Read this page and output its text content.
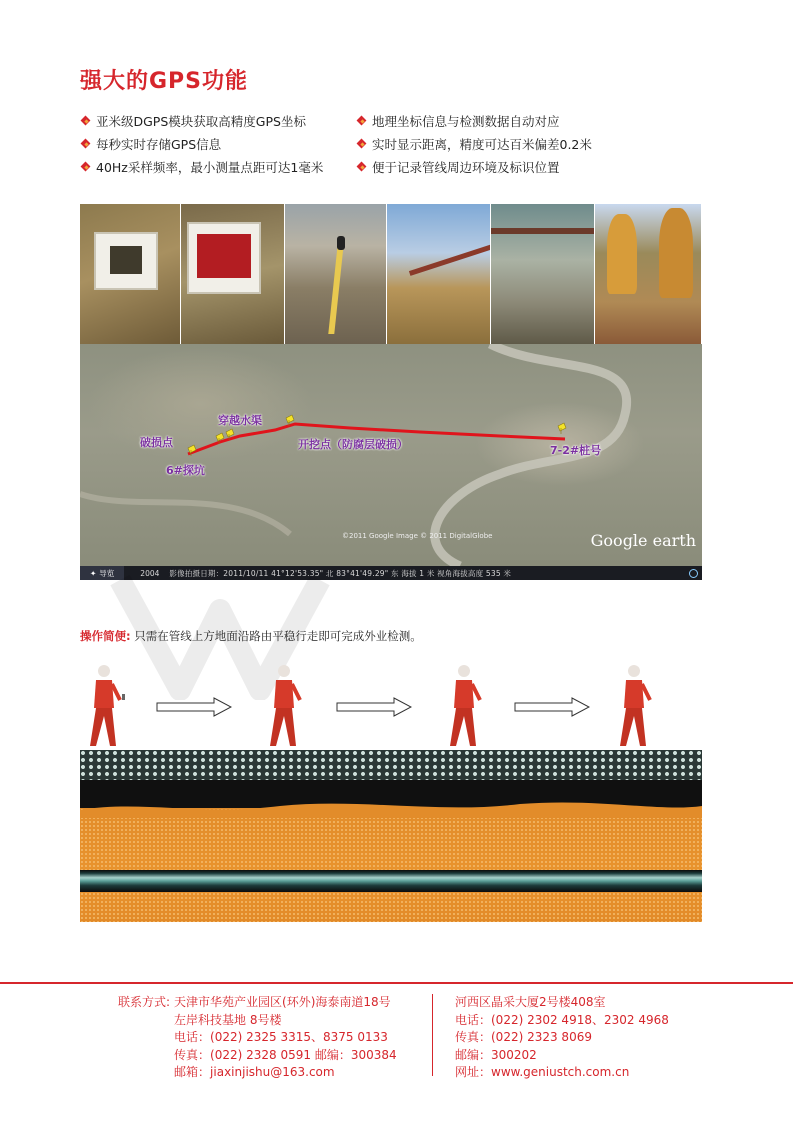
强大的GPS功能
亚米级DGPS模块获取高精度GPS坐标	地理坐标信息与检测数据自动对应
每秒实时存储GPS信息	实时显示距离，精度可达百米偏差0.2米
40Hz采样频率，最小测量点距可达1毫米	便于记录管线周边环境及标识位置
穿越水渠
破损点
6#探坑
开挖点（防腐层破损）	7-2#桩号
©2011 Google Image © 2011 DigitalGlobe	Google earth
✦ 导览	2004 影像拍摄日期：2011/10/11 41°12'53.35" 北 83°41'49.29" 东 海拔 1 米 视角海拔高度 535 米
操作简便: 只需在管线上方地面沿路由平稳行走即可完成外业检测。
联系方式: 天津市华苑产业园区(环外)海泰南道18号
左岸科技基地 8号楼
电话：(022) 2325 3315、8375 0133
传真：(022) 2328 0591 邮编：300384
邮箱：jiaxinjishu@163.com
河西区晶采大厦2号楼408室
电话：(022) 2302 4918、2302 4968
传真：(022) 2323 8069
邮编：300202
网址：www.geniustch.com.cn
